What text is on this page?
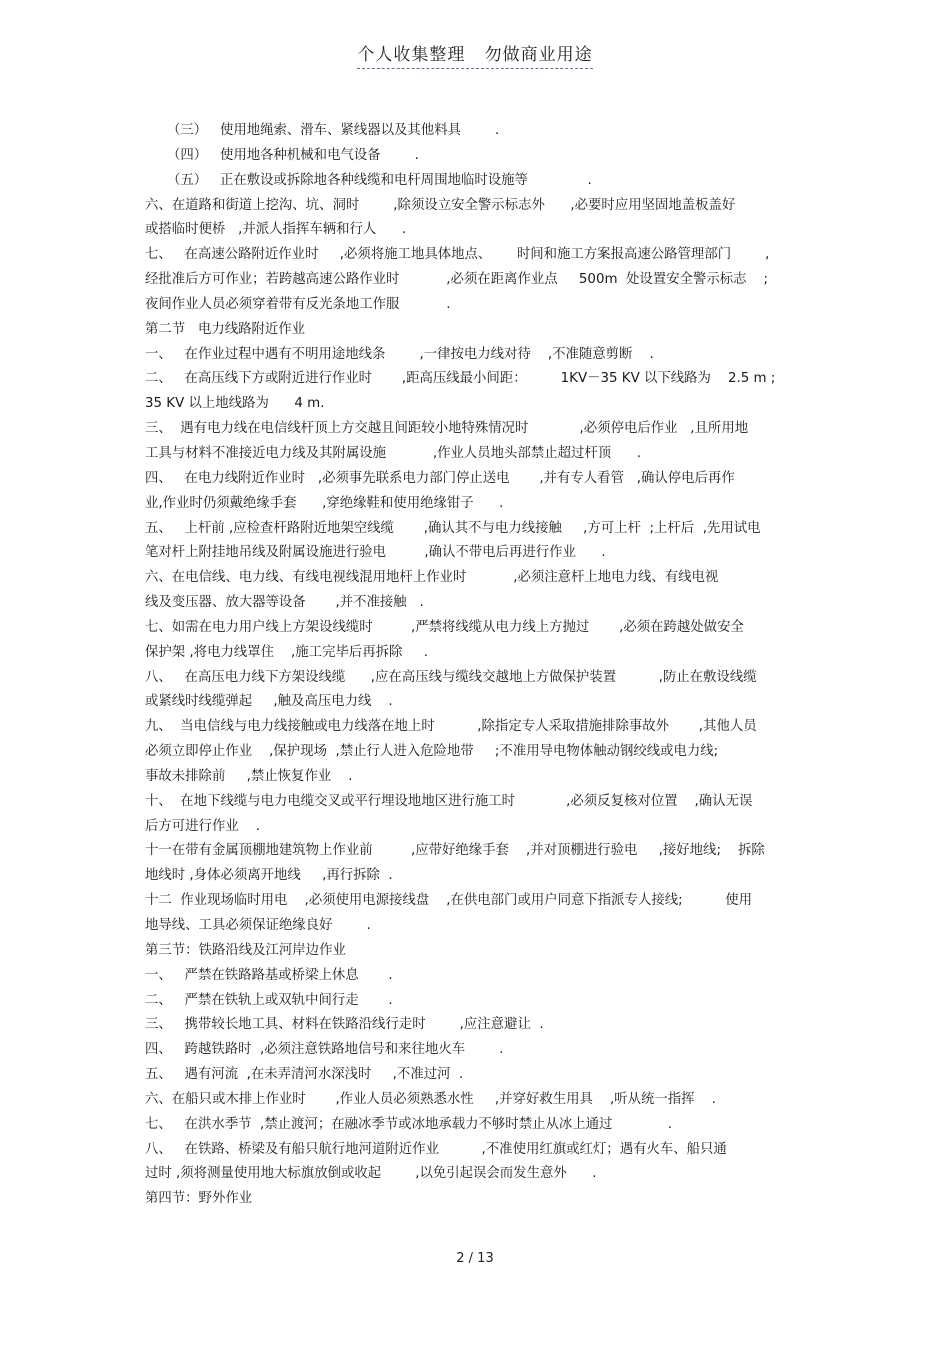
个人收集整理   勿做商业用途
（三）   使用地绳索、滑车、紧线器以及其他料具        .
（四）   使用地各种机械和电气设备        .
（五）   正在敷设或拆除地各种线缆和电杆周围地临时设施等              .
六、在道路和街道上挖沟、坑、洞时        ,除须设立安全警示标志外      ,必要时应用坚固地盖板盖好
或搭临时便桥   ,并派人指挥车辆和行人      .
七、   在高速公路附近作业时     ,必须将施工地具体地点、      时间和施工方案报高速公路管理部门        ,
经批准后方可作业；若跨越高速公路作业时           ,必须在距离作业点     500m  处设置安全警示标志    ;
夜间作业人员必须穿着带有反光条地工作服           .
第二节   电力线路附近作业
一、   在作业过程中遇有不明用途地线条        ,一律按电力线对待    ,不准随意剪断    .
二、   在高压线下方或附近进行作业时       ,距高压线最小间距：        1KV－35 KV 以下线路为    2.5 m ;
35 KV 以上地线路为      4 m.
三、  遇有电力线在电信线杆顶上方交越且间距较小地特殊情况时            ,必须停电后作业   ,且所用地
工具与材料不准接近电力线及其附属设施           ,作业人员地头部禁止超过杆顶      .
四、   在电力线附近作业时   ,必须事先联系电力部门停止送电       ,并有专人看管   ,确认停电后再作
业,作业时仍须戴绝缘手套      ,穿绝缘鞋和使用绝缘钳子      .
五、   上杆前 ,应检查杆路附近地架空线缆       ,确认其不与电力线接触     ,方可上杆  ;上杆后  ,先用试电
笔对杆上附挂地吊线及附属设施进行验电         ,确认不带电后再进行作业      .
六、在电信线、电力线、有线电视线混用地杆上作业时           ,必须注意杆上地电力线、有线电视
线及变压器、放大器等设备       ,并不准接触   .
七、如需在电力用户线上方架设线缆时         ,严禁将线缆从电力线上方抛过       ,必须在跨越处做安全
保护架 ,将电力线罩住    ,施工完毕后再拆除     .
八、   在高压电力线下方架设线缆      ,应在高压线与缆线交越地上方做保护装置          ,防止在敷设线缆
或紧线时线缆弹起     ,触及高压电力线    .
九、  当电信线与电力线接触或电力线落在地上时          ,除指定专人采取措施排除事故外       ,其他人员
必须立即停止作业    ,保护现场  ,禁止行人进入危险地带     ;不准用导电物体触动钢绞线或电力线;
事故未排除前     ,禁止恢复作业    .
十、  在地下线缆与电力电缆交叉或平行埋设地地区进行施工时            ,必须反复核对位置    ,确认无误
后方可进行作业    .
十一在带有金属顶棚地建筑物上作业前         ,应带好绝缘手套    ,并对顶棚进行验电     ,接好地线;    拆除
地线时 ,身体必须离开地线     ,再行拆除  .
十二  作业现场临时用电    ,必须使用电源接线盘    ,在供电部门或用户同意下指派专人接线;          使用
地导线、工具必须保证绝缘良好        .
第三节：铁路沿线及江河岸边作业
一、   严禁在铁路路基或桥梁上休息       .
二、   严禁在铁轨上或双轨中间行走       .
三、   携带较长地工具、材料在铁路沿线行走时        ,应注意避让  .
四、   跨越铁路时  ,必须注意铁路地信号和来往地火车        .
五、   遇有河流  ,在未弄清河水深浅时     ,不准过河  .
六、在船只或木排上作业时       ,作业人员必须熟悉水性     ,并穿好救生用具    ,听从统一指挥    .
七、   在洪水季节  ,禁止渡河；在融冰季节或冰地承载力不够时禁止从冰上通过             .
八、   在铁路、桥梁及有船只航行地河道附近作业          ,不准使用红旗或红灯；遇有火车、船只通
过时 ,须将测量使用地大标旗放倒或收起        ,以免引起误会而发生意外      .
第四节：野外作业
2 / 13
